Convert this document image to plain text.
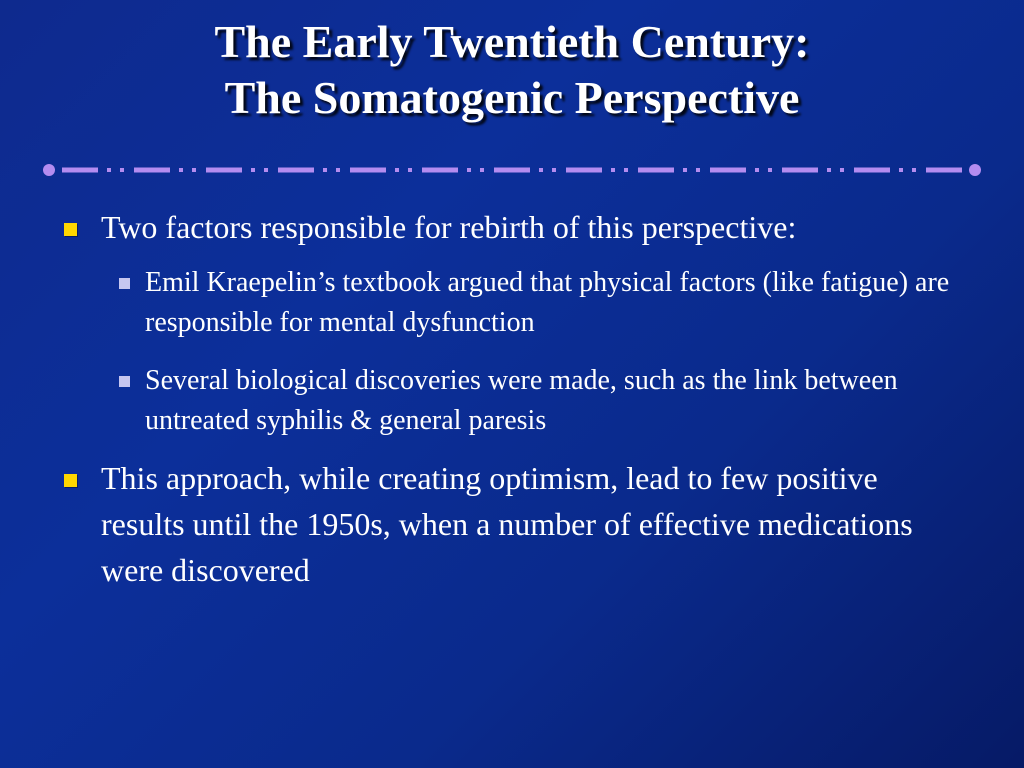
The Early Twentieth Century:
The Somatogenic Perspective
Two factors responsible for rebirth of this perspective:
Emil Kraepelin’s textbook argued that physical factors (like fatigue) are responsible for mental dysfunction
Several biological discoveries were made, such as the link between untreated syphilis & general paresis
This approach, while creating optimism, lead to few positive results until the 1950s, when a number of effective medications were discovered
